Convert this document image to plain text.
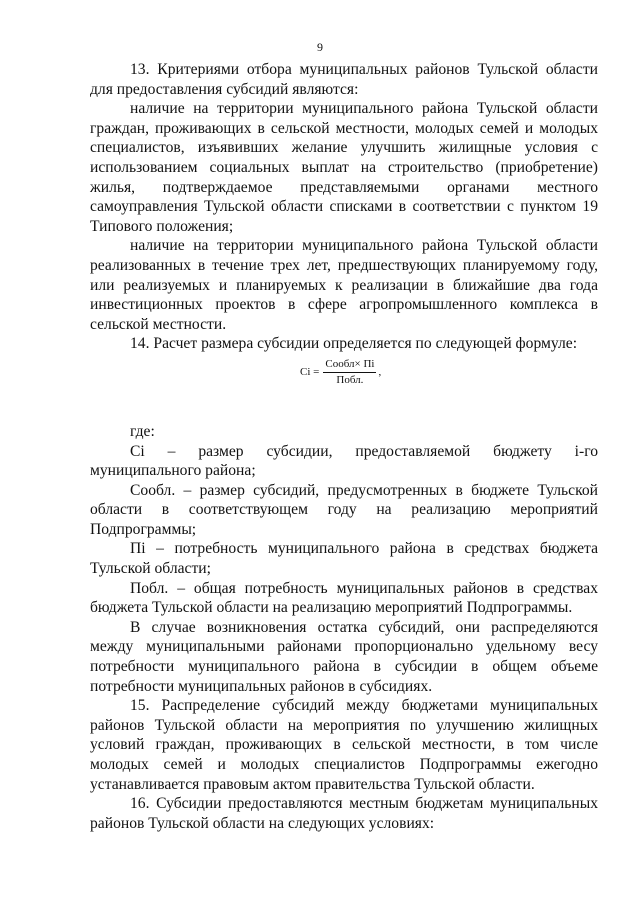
9

13. Критериями отбора муниципальных районов Тульской области для предоставления субсидий являются:

наличие на территории муниципального района Тульской области граждан, проживающих в сельской местности, молодых семей и молодых специалистов, изъявивших желание улучшить жилищные условия с использованием социальных выплат на строительство (приобретение) жилья, подтверждаемое представляемыми органами местного самоуправления Тульской области списками в соответствии с пунктом 19 Типового положения;

наличие на территории муниципального района Тульской области реализованных в течение трех лет, предшествующих планируемому году, или реализуемых и планируемых к реализации в ближайшие два года инвестиционных проектов в сфере агропромышленного комплекса в сельской местности.

14. Расчет размера субсидии определяется по следующей формуле:

$Ci = \frac{\text{Сообл× Пi}}{\text{Побл.}}$ ,

где:

Ci – размер субсидии, предоставляемой бюджету i-го муниципального района;

Сообл. – размер субсидий, предусмотренных в бюджете Тульской области в соответствующем году на реализацию мероприятий Подпрограммы;

Пi – потребность муниципального района в средствах бюджета Тульской области;

Побл. – общая потребность муниципальных районов в средствах бюджета Тульской области на реализацию мероприятий Подпрограммы.

В случае возникновения остатка субсидий, они распределяются между муниципальными районами пропорционально удельному весу потребности муниципального района в субсидии в общем объеме потребности муниципальных районов в субсидиях.

15. Распределение субсидий между бюджетами муниципальных районов Тульской области на мероприятия по улучшению жилищных условий граждан, проживающих в сельской местности, в том числе молодых семей и молодых специалистов Подпрограммы ежегодно устанавливается правовым актом правительства Тульской области.

16. Субсидии предоставляются местным бюджетам муниципальных районов Тульской области на следующих условиях:
